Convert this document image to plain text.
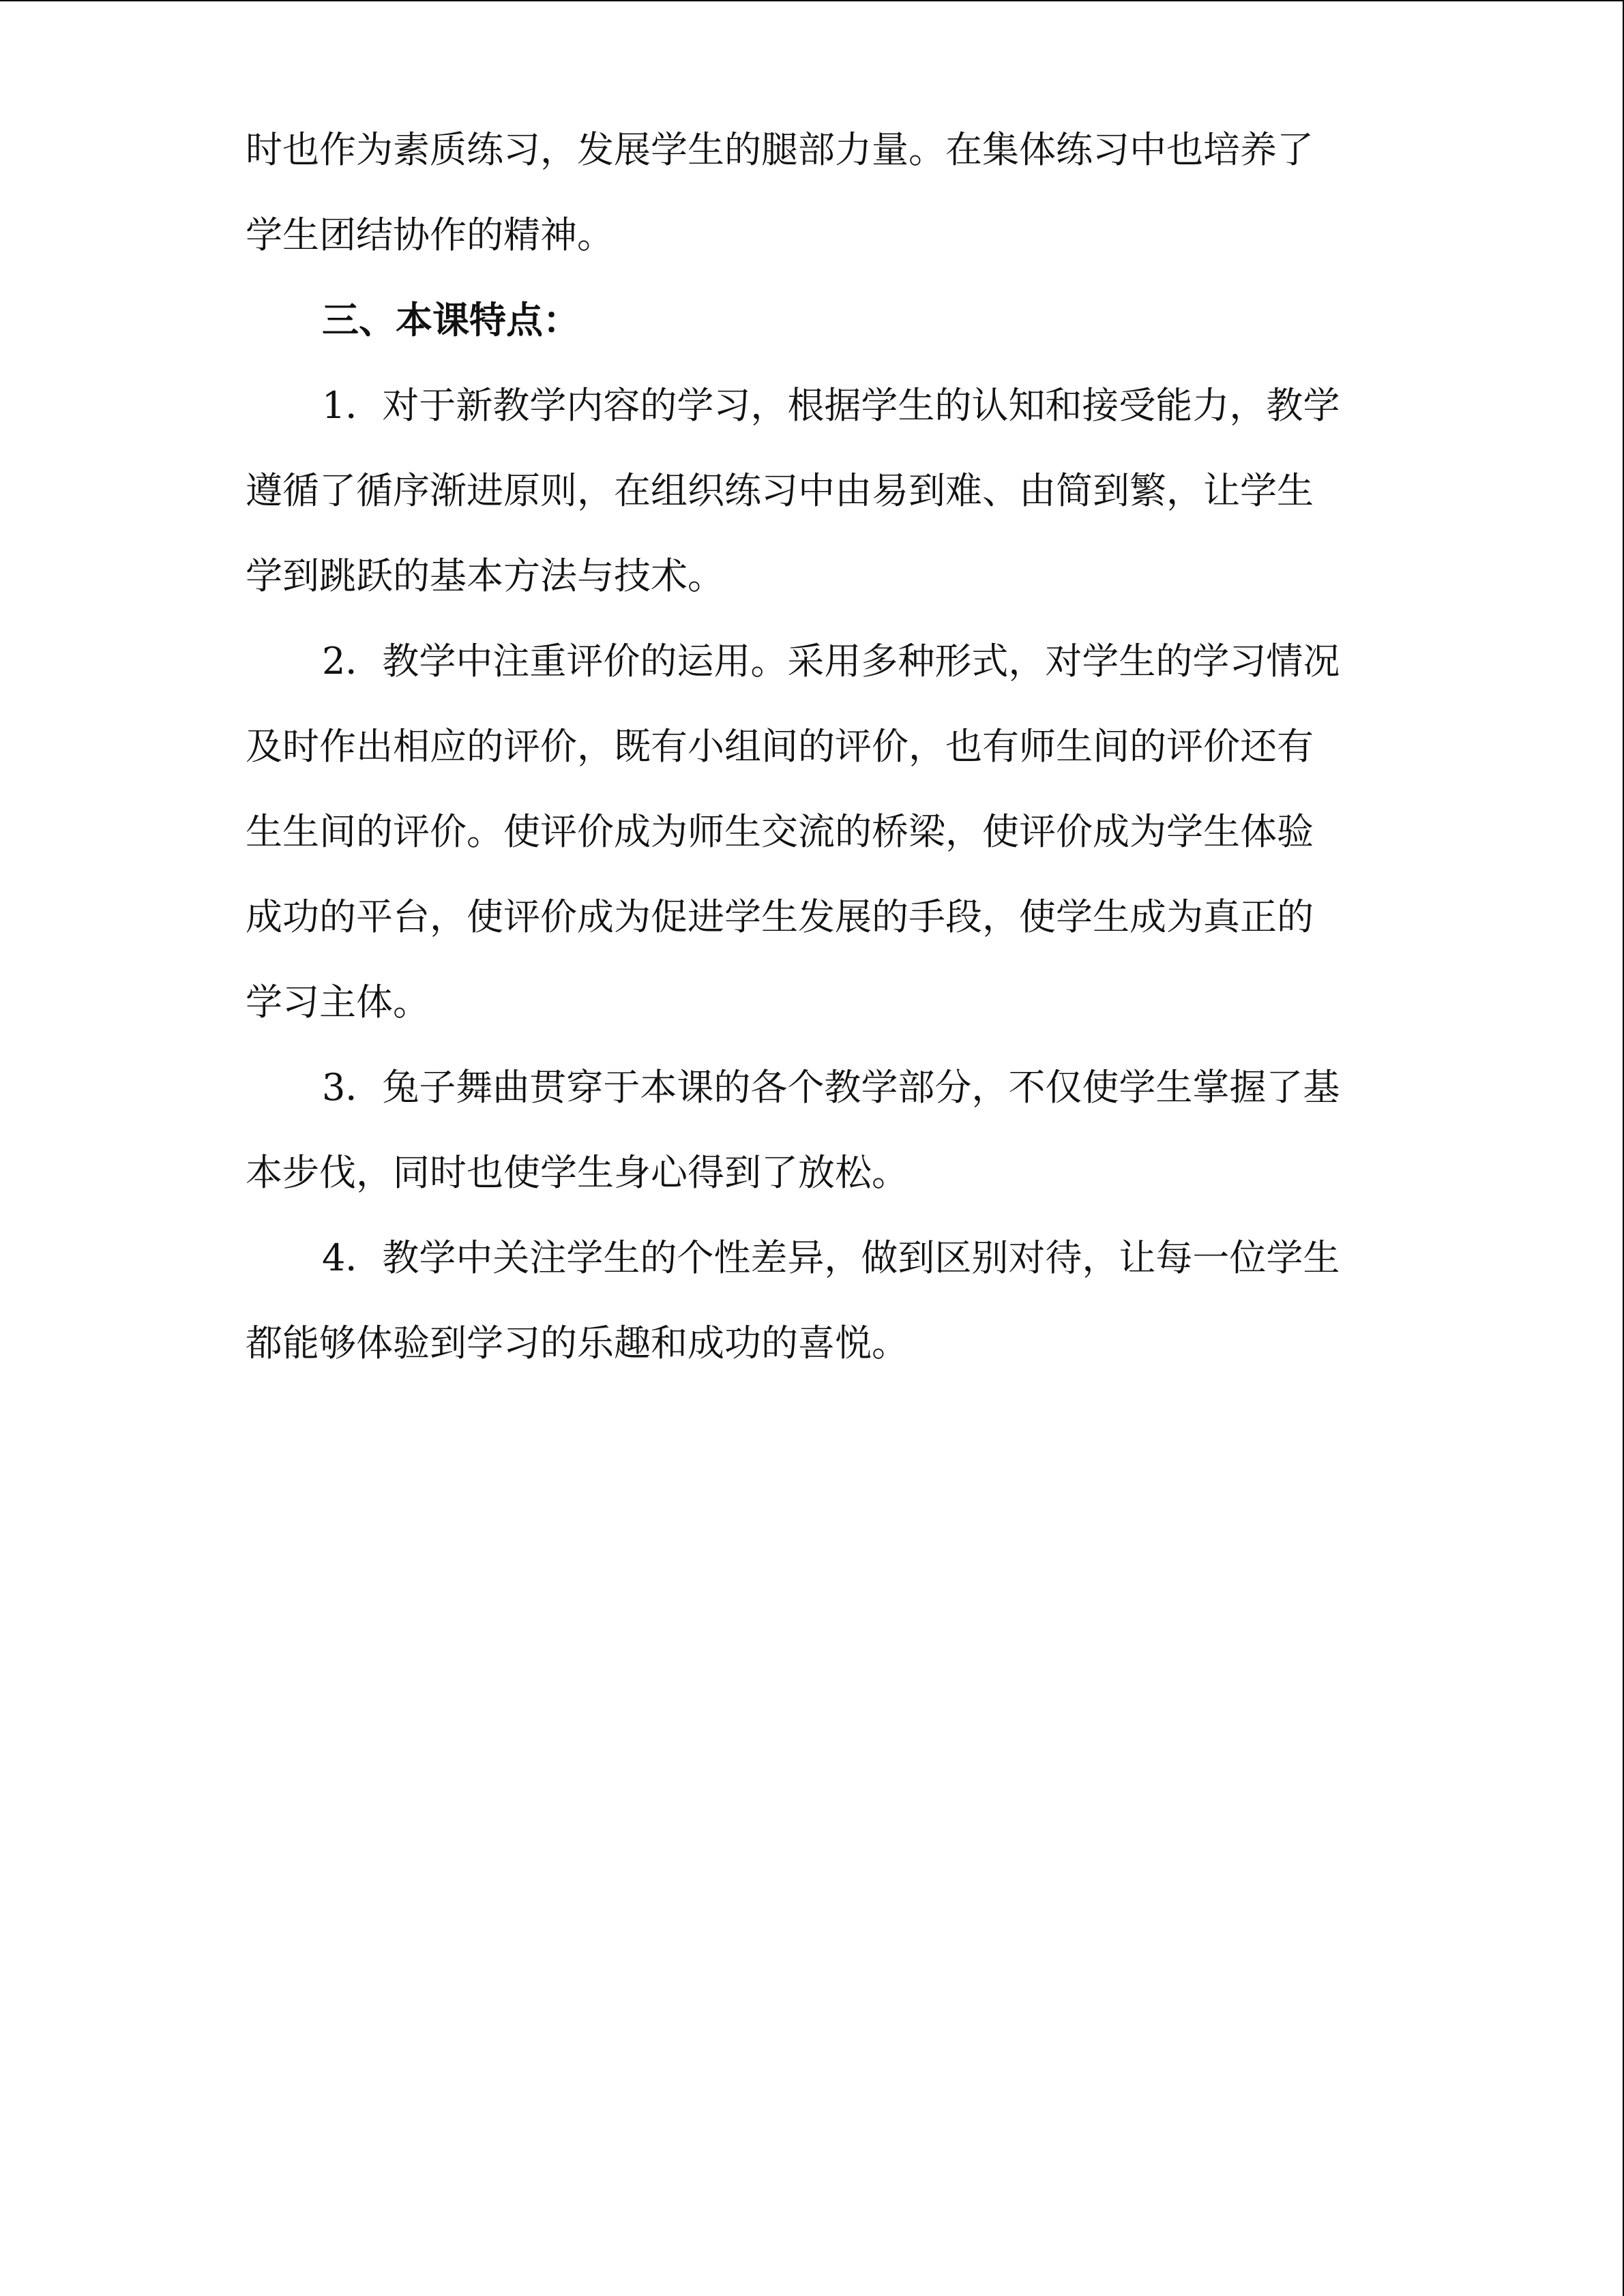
时也作为素质练习，发展学生的腿部力量。在集体练习中也培养了
学生团结协作的精神。
三、本课特点：
1．对于新教学内容的学习，根据学生的认知和接受能力，教学
遵循了循序渐进原则，在组织练习中由易到难、由简到繁，让学生
学到跳跃的基本方法与技术。
2．教学中注重评价的运用。采用多种形式，对学生的学习情况
及时作出相应的评价，既有小组间的评价，也有师生间的评价还有
生生间的评价。使评价成为师生交流的桥梁，使评价成为学生体验
成功的平台，使评价成为促进学生发展的手段，使学生成为真正的
学习主体。
3．兔子舞曲贯穿于本课的各个教学部分，不仅使学生掌握了基
本步伐，同时也使学生身心得到了放松。
4．教学中关注学生的个性差异，做到区别对待，让每一位学生
都能够体验到学习的乐趣和成功的喜悦。
